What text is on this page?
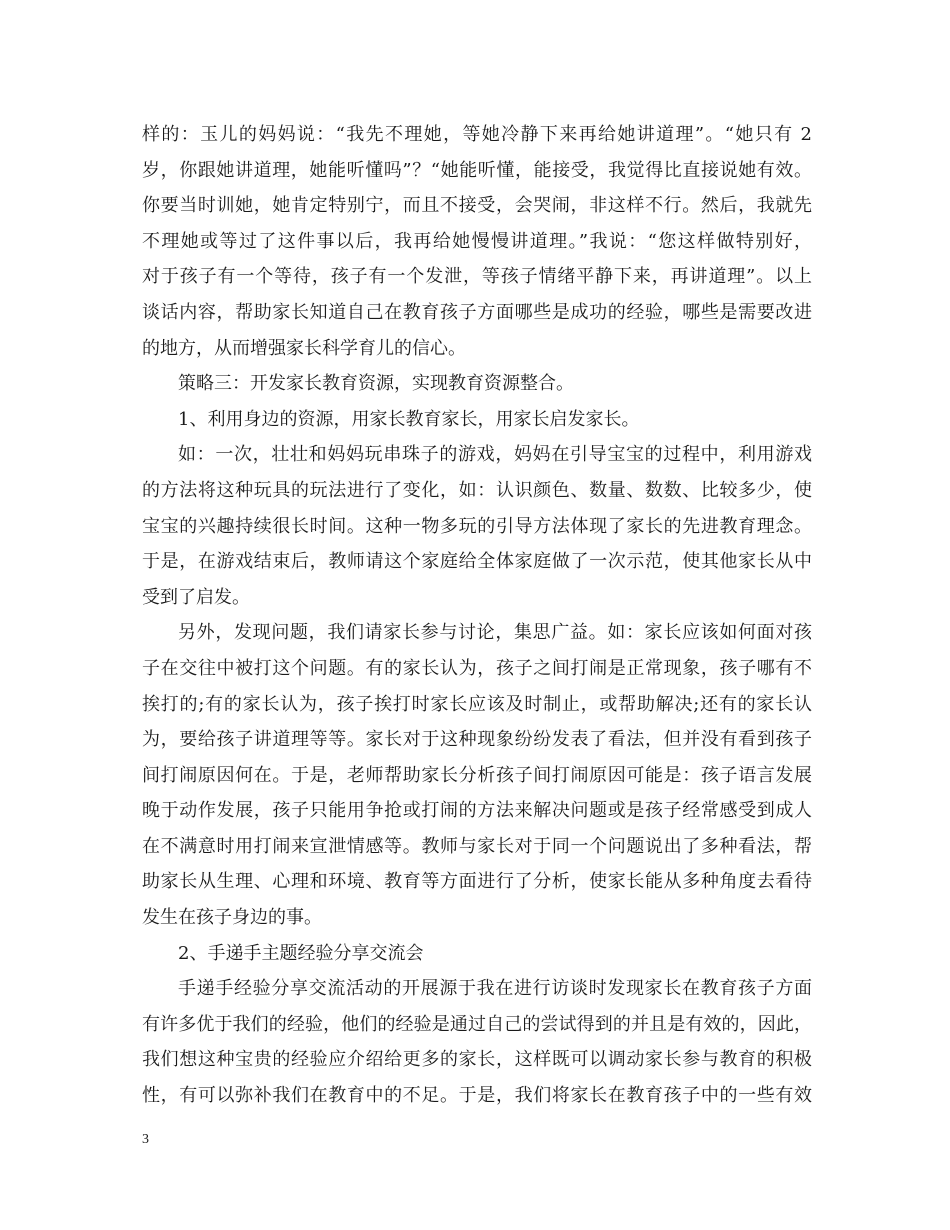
样的：玉儿的妈妈说：“我先不理她，等她冷静下来再给她讲道理”。“她只有 2

岁，你跟她讲道理，她能听懂吗”？“她能听懂，能接受，我觉得比直接说她有效。

你要当时训她，她肯定特别宁，而且不接受，会哭闹，非这样不行。然后，我就先

不理她或等过了这件事以后，我再给她慢慢讲道理。”我说：“您这样做特别好，

对于孩子有一个等待，孩子有一个发泄，等孩子情绪平静下来，再讲道理”。以上

谈话内容，帮助家长知道自己在教育孩子方面哪些是成功的经验，哪些是需要改进

的地方，从而增强家长科学育儿的信心。

策略三：开发家长教育资源，实现教育资源整合。

1、利用身边的资源，用家长教育家长，用家长启发家长。

如：一次，壮壮和妈妈玩串珠子的游戏，妈妈在引导宝宝的过程中，利用游戏

的方法将这种玩具的玩法进行了变化，如：认识颜色、数量、数数、比较多少，使

宝宝的兴趣持续很长时间。这种一物多玩的引导方法体现了家长的先进教育理念。

于是，在游戏结束后，教师请这个家庭给全体家庭做了一次示范，使其他家长从中

受到了启发。

另外，发现问题，我们请家长参与讨论，集思广益。如：家长应该如何面对孩

子在交往中被打这个问题。有的家长认为，孩子之间打闹是正常现象，孩子哪有不

挨打的;有的家长认为，孩子挨打时家长应该及时制止，或帮助解决;还有的家长认

为，要给孩子讲道理等等。家长对于这种现象纷纷发表了看法，但并没有看到孩子

间打闹原因何在。于是，老师帮助家长分析孩子间打闹原因可能是：孩子语言发展

晚于动作发展，孩子只能用争抢或打闹的方法来解决问题或是孩子经常感受到成人

在不满意时用打闹来宣泄情感等。教师与家长对于同一个问题说出了多种看法，帮

助家长从生理、心理和环境、教育等方面进行了分析，使家长能从多种角度去看待

发生在孩子身边的事。

2、手递手主题经验分享交流会

手递手经验分享交流活动的开展源于我在进行访谈时发现家长在教育孩子方面

有许多优于我们的经验，他们的经验是通过自己的尝试得到的并且是有效的，因此，

我们想这种宝贵的经验应介绍给更多的家长，这样既可以调动家长参与教育的积极

性，有可以弥补我们在教育中的不足。于是，我们将家长在教育孩子中的一些有效

3
